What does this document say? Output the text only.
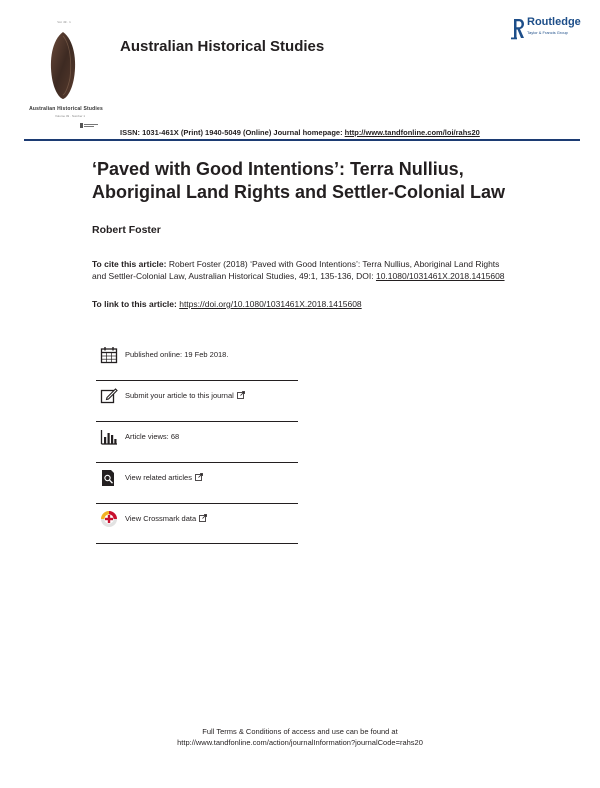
Vol. 49 · 1
Australian Historical Studies
Volume 49 · Number 1
Australian Historical Studies
Routledge
Taylor & Francis Group
ISSN: 1031-461X (Print) 1940-5049 (Online) Journal homepage: http://www.tandfonline.com/loi/rahs20
‘Paved with Good Intentions’: Terra Nullius,
Aboriginal Land Rights and Settler-Colonial Law
Robert Foster
To cite this article: Robert Foster (2018) ‘Paved with Good Intentions’: Terra Nullius, Aboriginal Land Rights and Settler-Colonial Law, Australian Historical Studies, 49:1, 135-136, DOI: 10.1080/1031461X.2018.1415608
To link to this article: https://doi.org/10.1080/1031461X.2018.1415608
Published online: 19 Feb 2018.
Submit your article to this journal
Article views: 68
View related articles
View Crossmark data
Full Terms & Conditions of access and use can be found at
http://www.tandfonline.com/action/journalInformation?journalCode=rahs20
